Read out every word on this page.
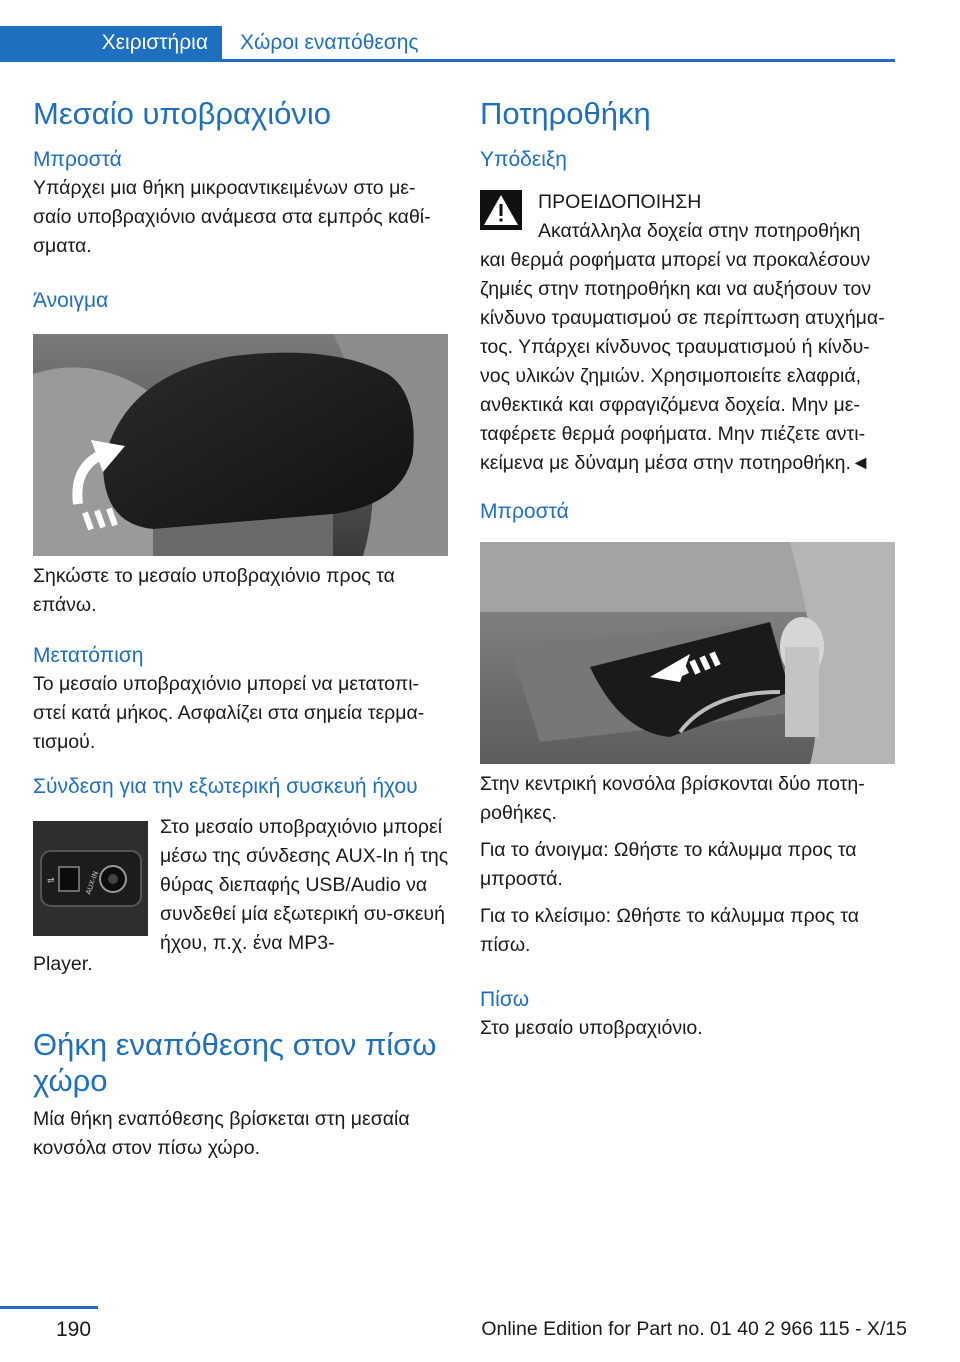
Χειριστήρια	Χώροι εναπόθεσης
Μεσαίο υποβραχιόνιο
Μπροστά

Υπάρχει μια θήκη μικροαντικειμένων στο με-σαίο υποβραχιόνιο ανάμεσα στα εμπρός καθί-σματα.

Άνοιγμα

Σηκώστε το μεσαίο υποβραχιόνιο προς τα επάνω.

Μετατόπιση

Το μεσαίο υποβραχιόνιο μπορεί να μετατοπι-στεί κατά μήκος. Ασφαλίζει στα σημεία τερμα-τισμού.

Σύνδεση για την εξωτερική συσκευή ήχου
⇌	AUX-IN

Στο μεσαίο υποβραχιόνιο μπορεί μέσω της σύνδεσης AUX-In ή της θύρας διεπαφής USB/Audio να συνδεθεί μία εξωτερική συ-σκευή ήχου, π.χ. ένα MP3-

Player.

Θήκη εναπόθεσης στον πίσω χώρο

Μία θήκη εναπόθεσης βρίσκεται στη μεσαία κονσόλα στον πίσω χώρο.

Ποτηροθήκη
Υπόδειξη
ΠΡΟΕΙΔΟΠΟΙΗΣΗ
Ακατάλληλα δοχεία στην ποτηροθήκη

και θερμά ροφήματα μπορεί να προκαλέσουν ζημιές στην ποτηροθήκη και να αυξήσουν τον κίνδυνο τραυματισμού σε περίπτωση ατυχήμα-τος. Υπάρχει κίνδυνος τραυματισμού ή κίνδυ-νος υλικών ζημιών. Χρησιμοποιείτε ελαφριά, ανθεκτικά και σφραγιζόμενα δοχεία. Μην με-ταφέρετε θερμά ροφήματα. Μην πιέζετε αντι-κείμενα με δύναμη μέσα στην ποτηροθήκη.◄

Μπροστά

Στην κεντρική κονσόλα βρίσκονται δύο ποτη-ροθήκες.

Για το άνοιγμα: Ωθήστε το κάλυμμα προς τα μπροστά.

Για το κλείσιμο: Ωθήστε το κάλυμμα προς τα πίσω.

Πίσω

Στο μεσαίο υποβραχιόνιο.

190	Online Edition for Part no. 01 40 2 966 115 - X/15
